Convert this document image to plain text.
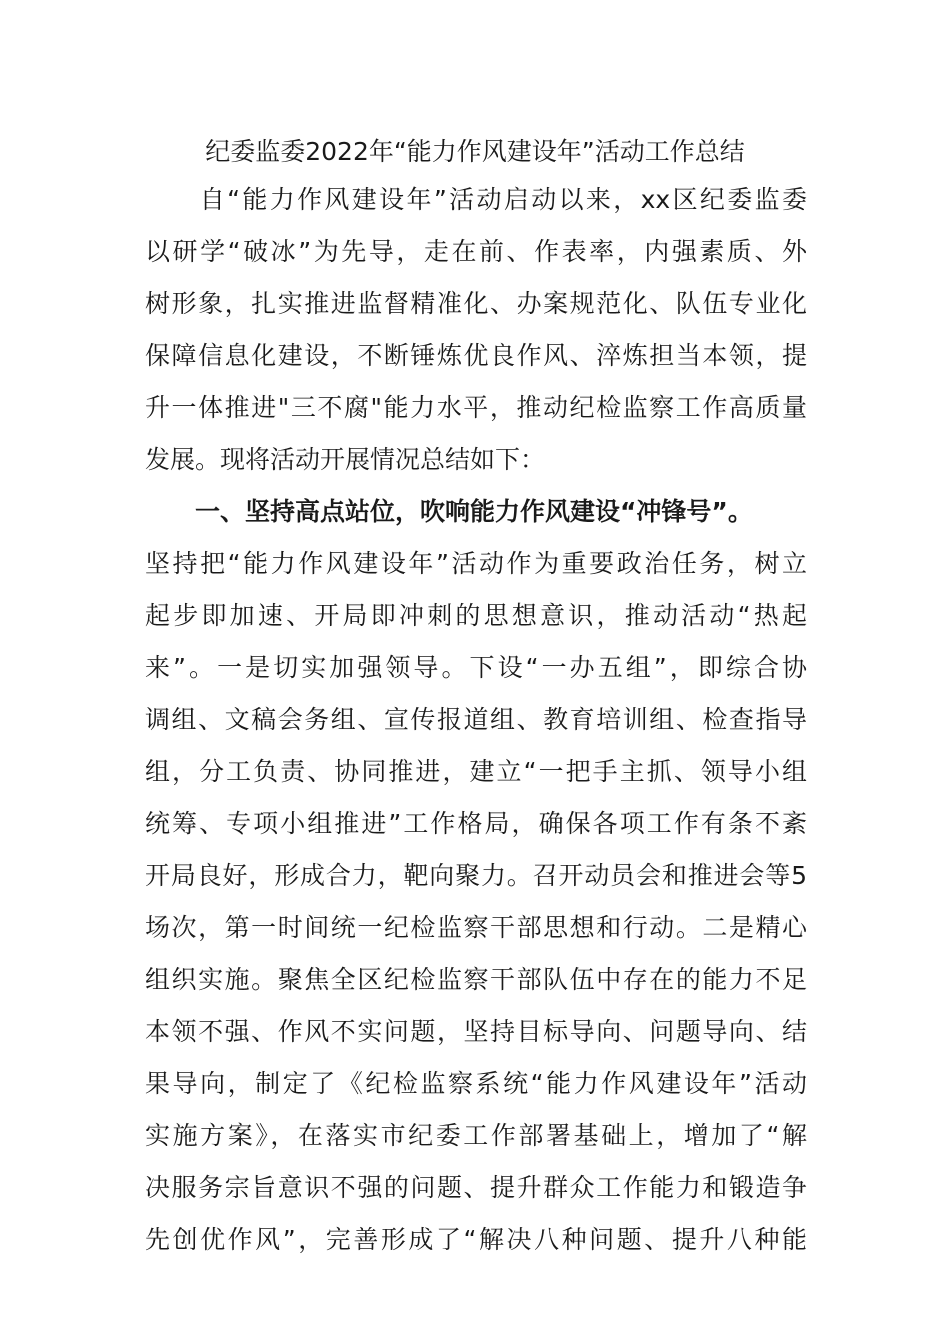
纪委监委2022年“能力作风建设年”活动工作总结
　　自“能力作风建设年”活动启动以来，xx区纪委监委
以研学“破冰”为先导，走在前、作表率，内强素质、外
树形象，扎实推进监督精准化、办案规范化、队伍专业化
保障信息化建设，不断锤炼优良作风、淬炼担当本领，提
升一体推进"三不腐"能力水平，推动纪检监察工作高质量
发展。现将活动开展情况总结如下：
　　一、坚持高点站位，吹响能力作风建设“冲锋号”。
坚持把“能力作风建设年”活动作为重要政治任务，树立
起步即加速、开局即冲刺的思想意识，推动活动“热起
来”。一是切实加强领导。下设“一办五组”，即综合协
调组、文稿会务组、宣传报道组、教育培训组、检查指导
组，分工负责、协同推进，建立“一把手主抓、领导小组
统筹、专项小组推进”工作格局，确保各项工作有条不紊
开局良好，形成合力，靶向聚力。召开动员会和推进会等5
场次，第一时间统一纪检监察干部思想和行动。二是精心
组织实施。聚焦全区纪检监察干部队伍中存在的能力不足
本领不强、作风不实问题，坚持目标导向、问题导向、结
果导向，制定了《纪检监察系统“能力作风建设年”活动
实施方案》，在落实市纪委工作部署基础上，增加了“解
决服务宗旨意识不强的问题、提升群众工作能力和锻造争
先创优作风”，完善形成了“解决八种问题、提升八种能
